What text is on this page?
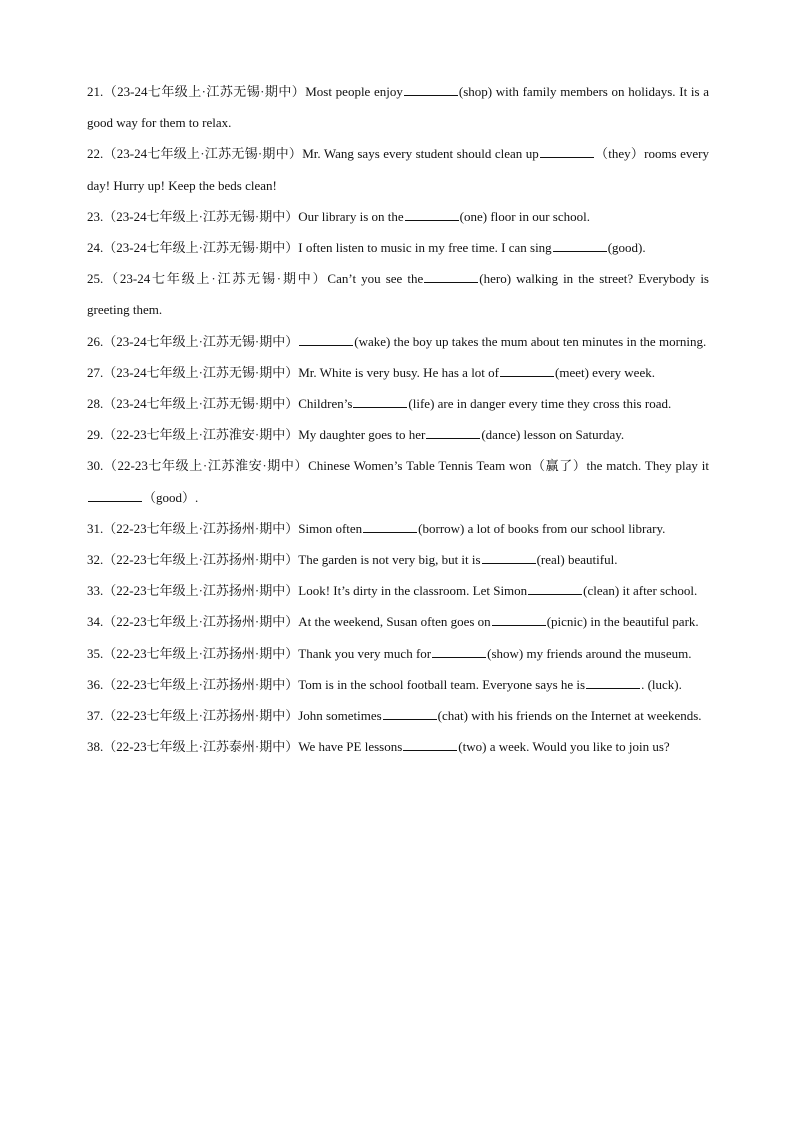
21.（23-24七年级上·江苏无锡·期中）Most people enjoy	(shop) with family members on holidays. It is a good way for them to relax.

22.（23-24七年级上·江苏无锡·期中）Mr. Wang says every student should clean up	（they）rooms every day! Hurry up! Keep the beds clean!

23.（23-24七年级上·江苏无锡·期中）Our library is on the	(one) floor in our school.

24.（23-24七年级上·江苏无锡·期中）I often listen to music in my free time. I can sing	(good).

25.（23-24七年级上·江苏无锡·期中）Can’t you see the	(hero) walking in the street? Everybody is greeting them.

26.（23-24七年级上·江苏无锡·期中）	(wake) the boy up takes the mum about ten minutes in the morning.

27.（23-24七年级上·江苏无锡·期中）Mr. White is very busy. He has a lot of	(meet) every week.

28.（23-24七年级上·江苏无锡·期中）Children’s	(life) are in danger every time they cross this road.

29.（22-23七年级上·江苏淮安·期中）My daughter goes to her	(dance) lesson on Saturday.

30.（22-23七年级上·江苏淮安·期中）Chinese Women’s Table Tennis Team won（赢了）the match. They play it（good）.

31.（22-23七年级上·江苏扬州·期中）Simon often	(borrow) a lot of books from our school library.

32.（22-23七年级上·江苏扬州·期中）The garden is not very big, but it is	(real) beautiful.

33.（22-23七年级上·江苏扬州·期中）Look! It’s dirty in the classroom. Let Simon	(clean) it after school.

34.（22-23七年级上·江苏扬州·期中）At the weekend, Susan often goes on	(picnic) in the beautiful park.

35.（22-23七年级上·江苏扬州·期中）Thank you very much for	(show) my friends around the museum.

36.（22-23七年级上·江苏扬州·期中）Tom is in the school football team. Everyone says he is	. (luck).

37.（22-23七年级上·江苏扬州·期中）John sometimes	(chat) with his friends on the Internet at weekends.

38.（22-23七年级上·江苏泰州·期中）We have PE lessons	(two) a week. Would you like to join us?
